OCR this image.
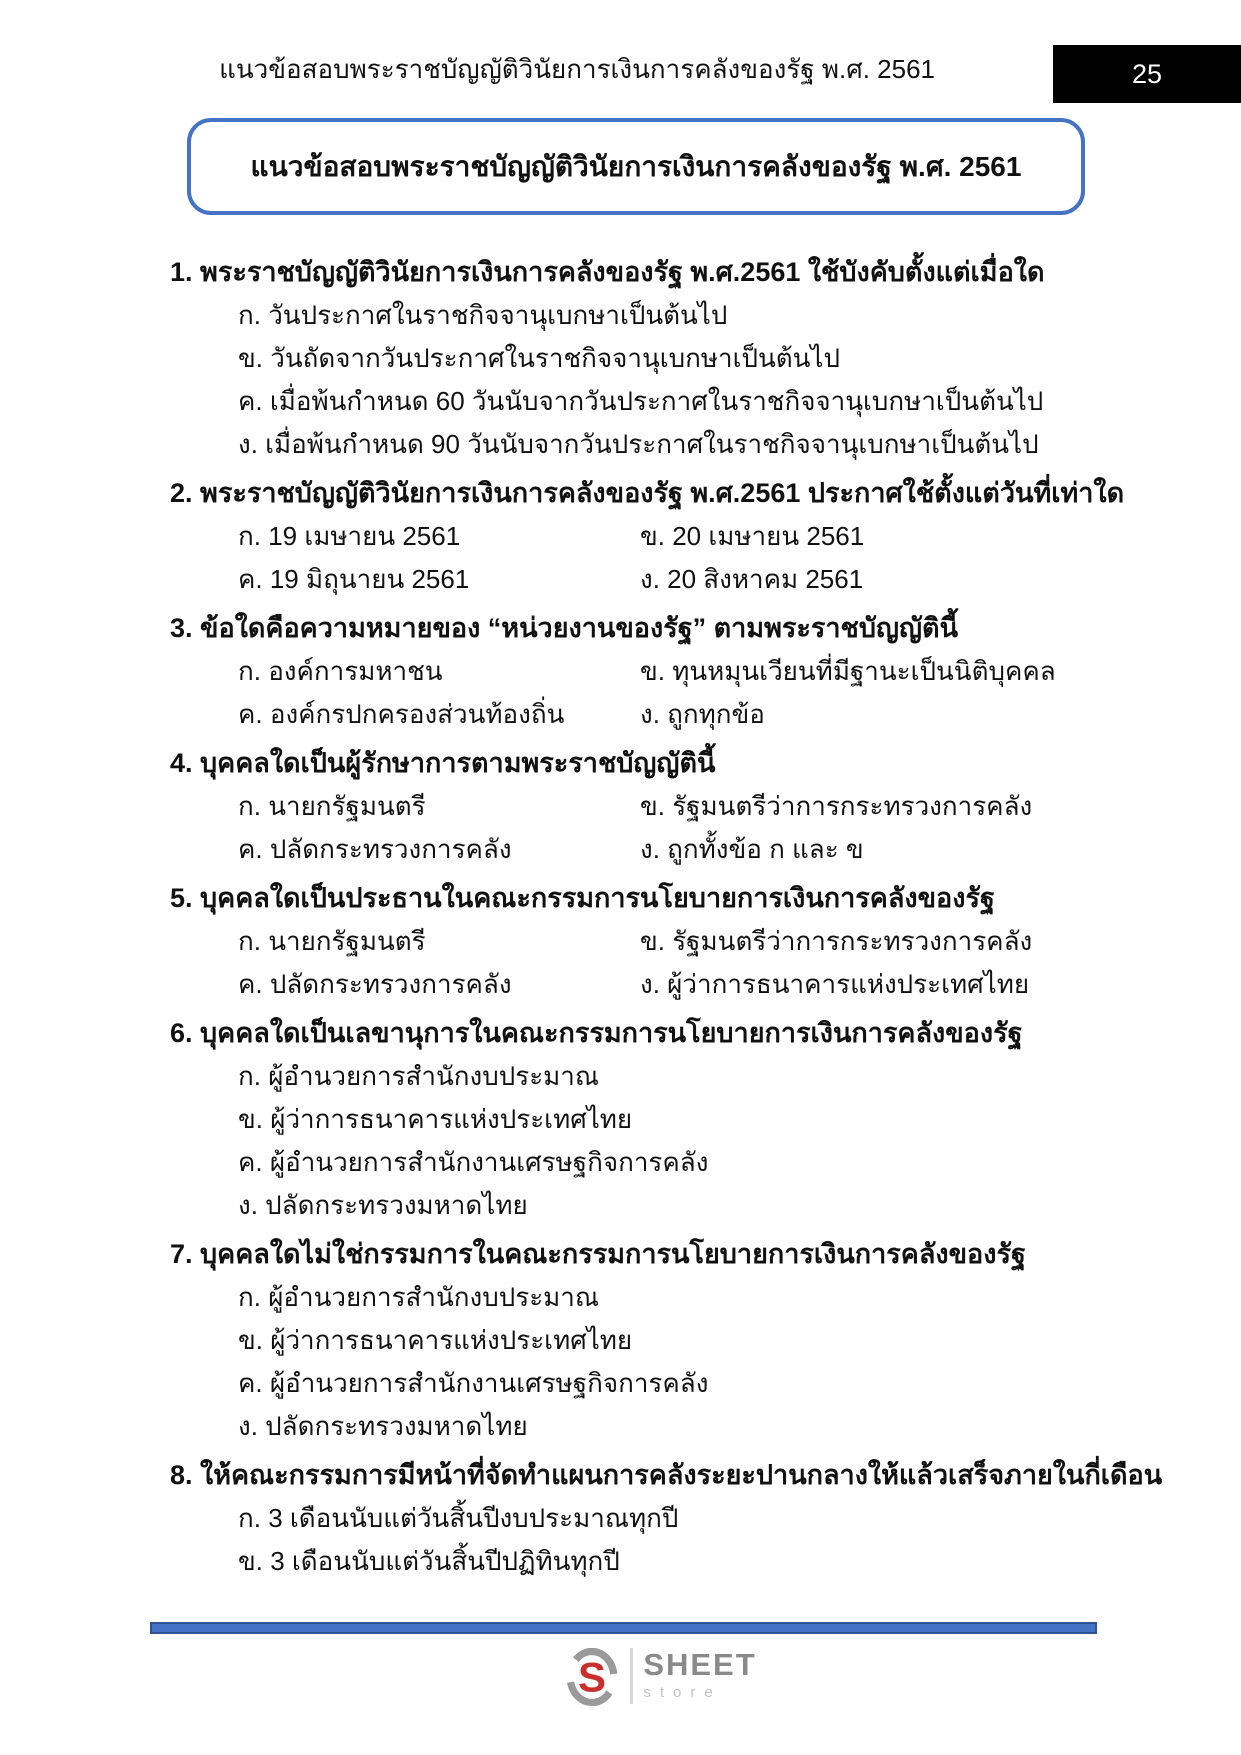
แนวข้อสอบพระราชบัญญัติวินัยการเงินการคลังของรัฐ พ.ศ. 2561	25
แนวข้อสอบพระราชบัญญัติวินัยการเงินการคลังของรัฐ พ.ศ. 2561
1. พระราชบัญญัติวินัยการเงินการคลังของรัฐ พ.ศ.2561 ใช้บังคับตั้งแต่เมื่อใด
ก. วันประกาศในราชกิจจานุเบกษาเป็นต้นไป
ข. วันถัดจากวันประกาศในราชกิจจานุเบกษาเป็นต้นไป
ค. เมื่อพ้นกำหนด 60 วันนับจากวันประกาศในราชกิจจานุเบกษาเป็นต้นไป
ง. เมื่อพ้นกำหนด 90 วันนับจากวันประกาศในราชกิจจานุเบกษาเป็นต้นไป
2. พระราชบัญญัติวินัยการเงินการคลังของรัฐ พ.ศ.2561 ประกาศใช้ตั้งแต่วันที่เท่าใด
ก. 19 เมษายน 2561	ข. 20 เมษายน 2561
ค. 19 มิถุนายน 2561	ง. 20 สิงหาคม 2561
3. ข้อใดคือความหมายของ “หน่วยงานของรัฐ” ตามพระราชบัญญัตินี้
ก. องค์การมหาชน	ข. ทุนหมุนเวียนที่มีฐานะเป็นนิติบุคคล
ค. องค์กรปกครองส่วนท้องถิ่น	ง. ถูกทุกข้อ
4. บุคคลใดเป็นผู้รักษาการตามพระราชบัญญัตินี้
ก. นายกรัฐมนตรี	ข. รัฐมนตรีว่าการกระทรวงการคลัง
ค. ปลัดกระทรวงการคลัง	ง. ถูกทั้งข้อ ก และ ข
5. บุคคลใดเป็นประธานในคณะกรรมการนโยบายการเงินการคลังของรัฐ
ก. นายกรัฐมนตรี	ข. รัฐมนตรีว่าการกระทรวงการคลัง
ค. ปลัดกระทรวงการคลัง	ง. ผู้ว่าการธนาคารแห่งประเทศไทย
6. บุคคลใดเป็นเลขานุการในคณะกรรมการนโยบายการเงินการคลังของรัฐ
ก. ผู้อำนวยการสำนักงบประมาณ
ข. ผู้ว่าการธนาคารแห่งประเทศไทย
ค. ผู้อำนวยการสำนักงานเศรษฐกิจการคลัง
ง. ปลัดกระทรวงมหาดไทย
7. บุคคลใดไม่ใช่กรรมการในคณะกรรมการนโยบายการเงินการคลังของรัฐ
ก. ผู้อำนวยการสำนักงบประมาณ
ข. ผู้ว่าการธนาคารแห่งประเทศไทย
ค. ผู้อำนวยการสำนักงานเศรษฐกิจการคลัง
ง. ปลัดกระทรวงมหาดไทย
8. ให้คณะกรรมการมีหน้าที่จัดทำแผนการคลังระยะปานกลางให้แล้วเสร็จภายในกี่เดือน
ก. 3 เดือนนับแต่วันสิ้นปีงบประมาณทุกปี
ข. 3 เดือนนับแต่วันสิ้นปีปฏิทินทุกปี
S SHEET
store
